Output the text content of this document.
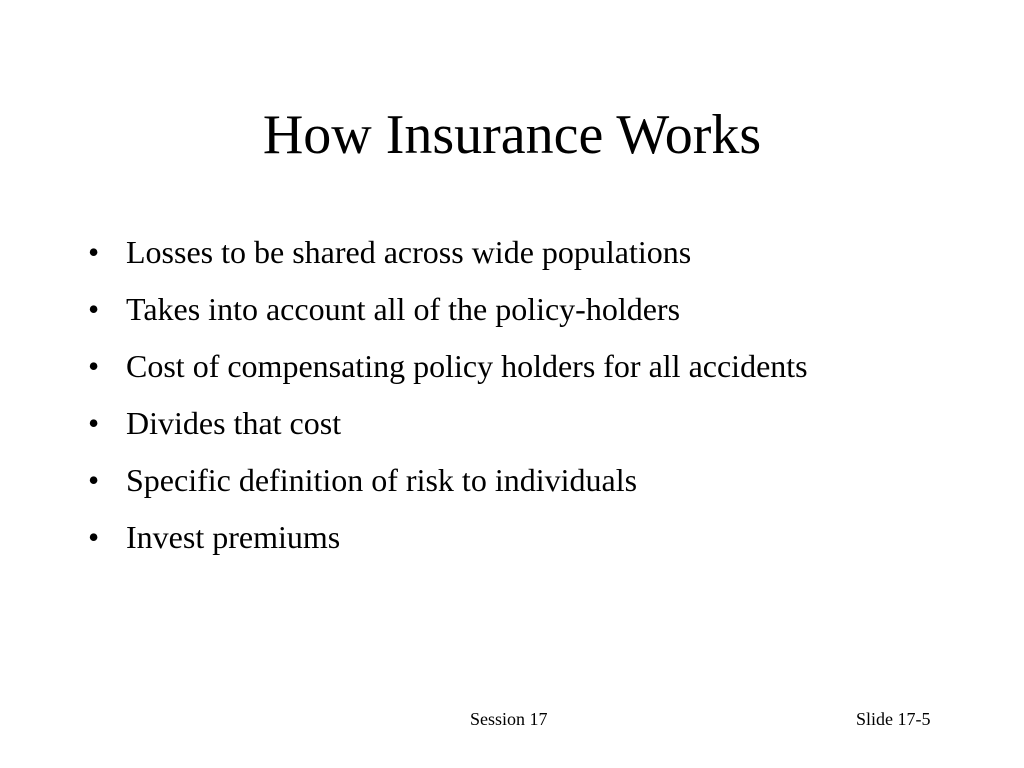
How Insurance Works
• Losses to be shared across wide populations
• Takes into account all of the policy-holders
• Cost of compensating policy holders for all accidents
• Divides that cost
• Specific definition of risk to individuals
• Invest premiums
Session 17	Slide 17-5
